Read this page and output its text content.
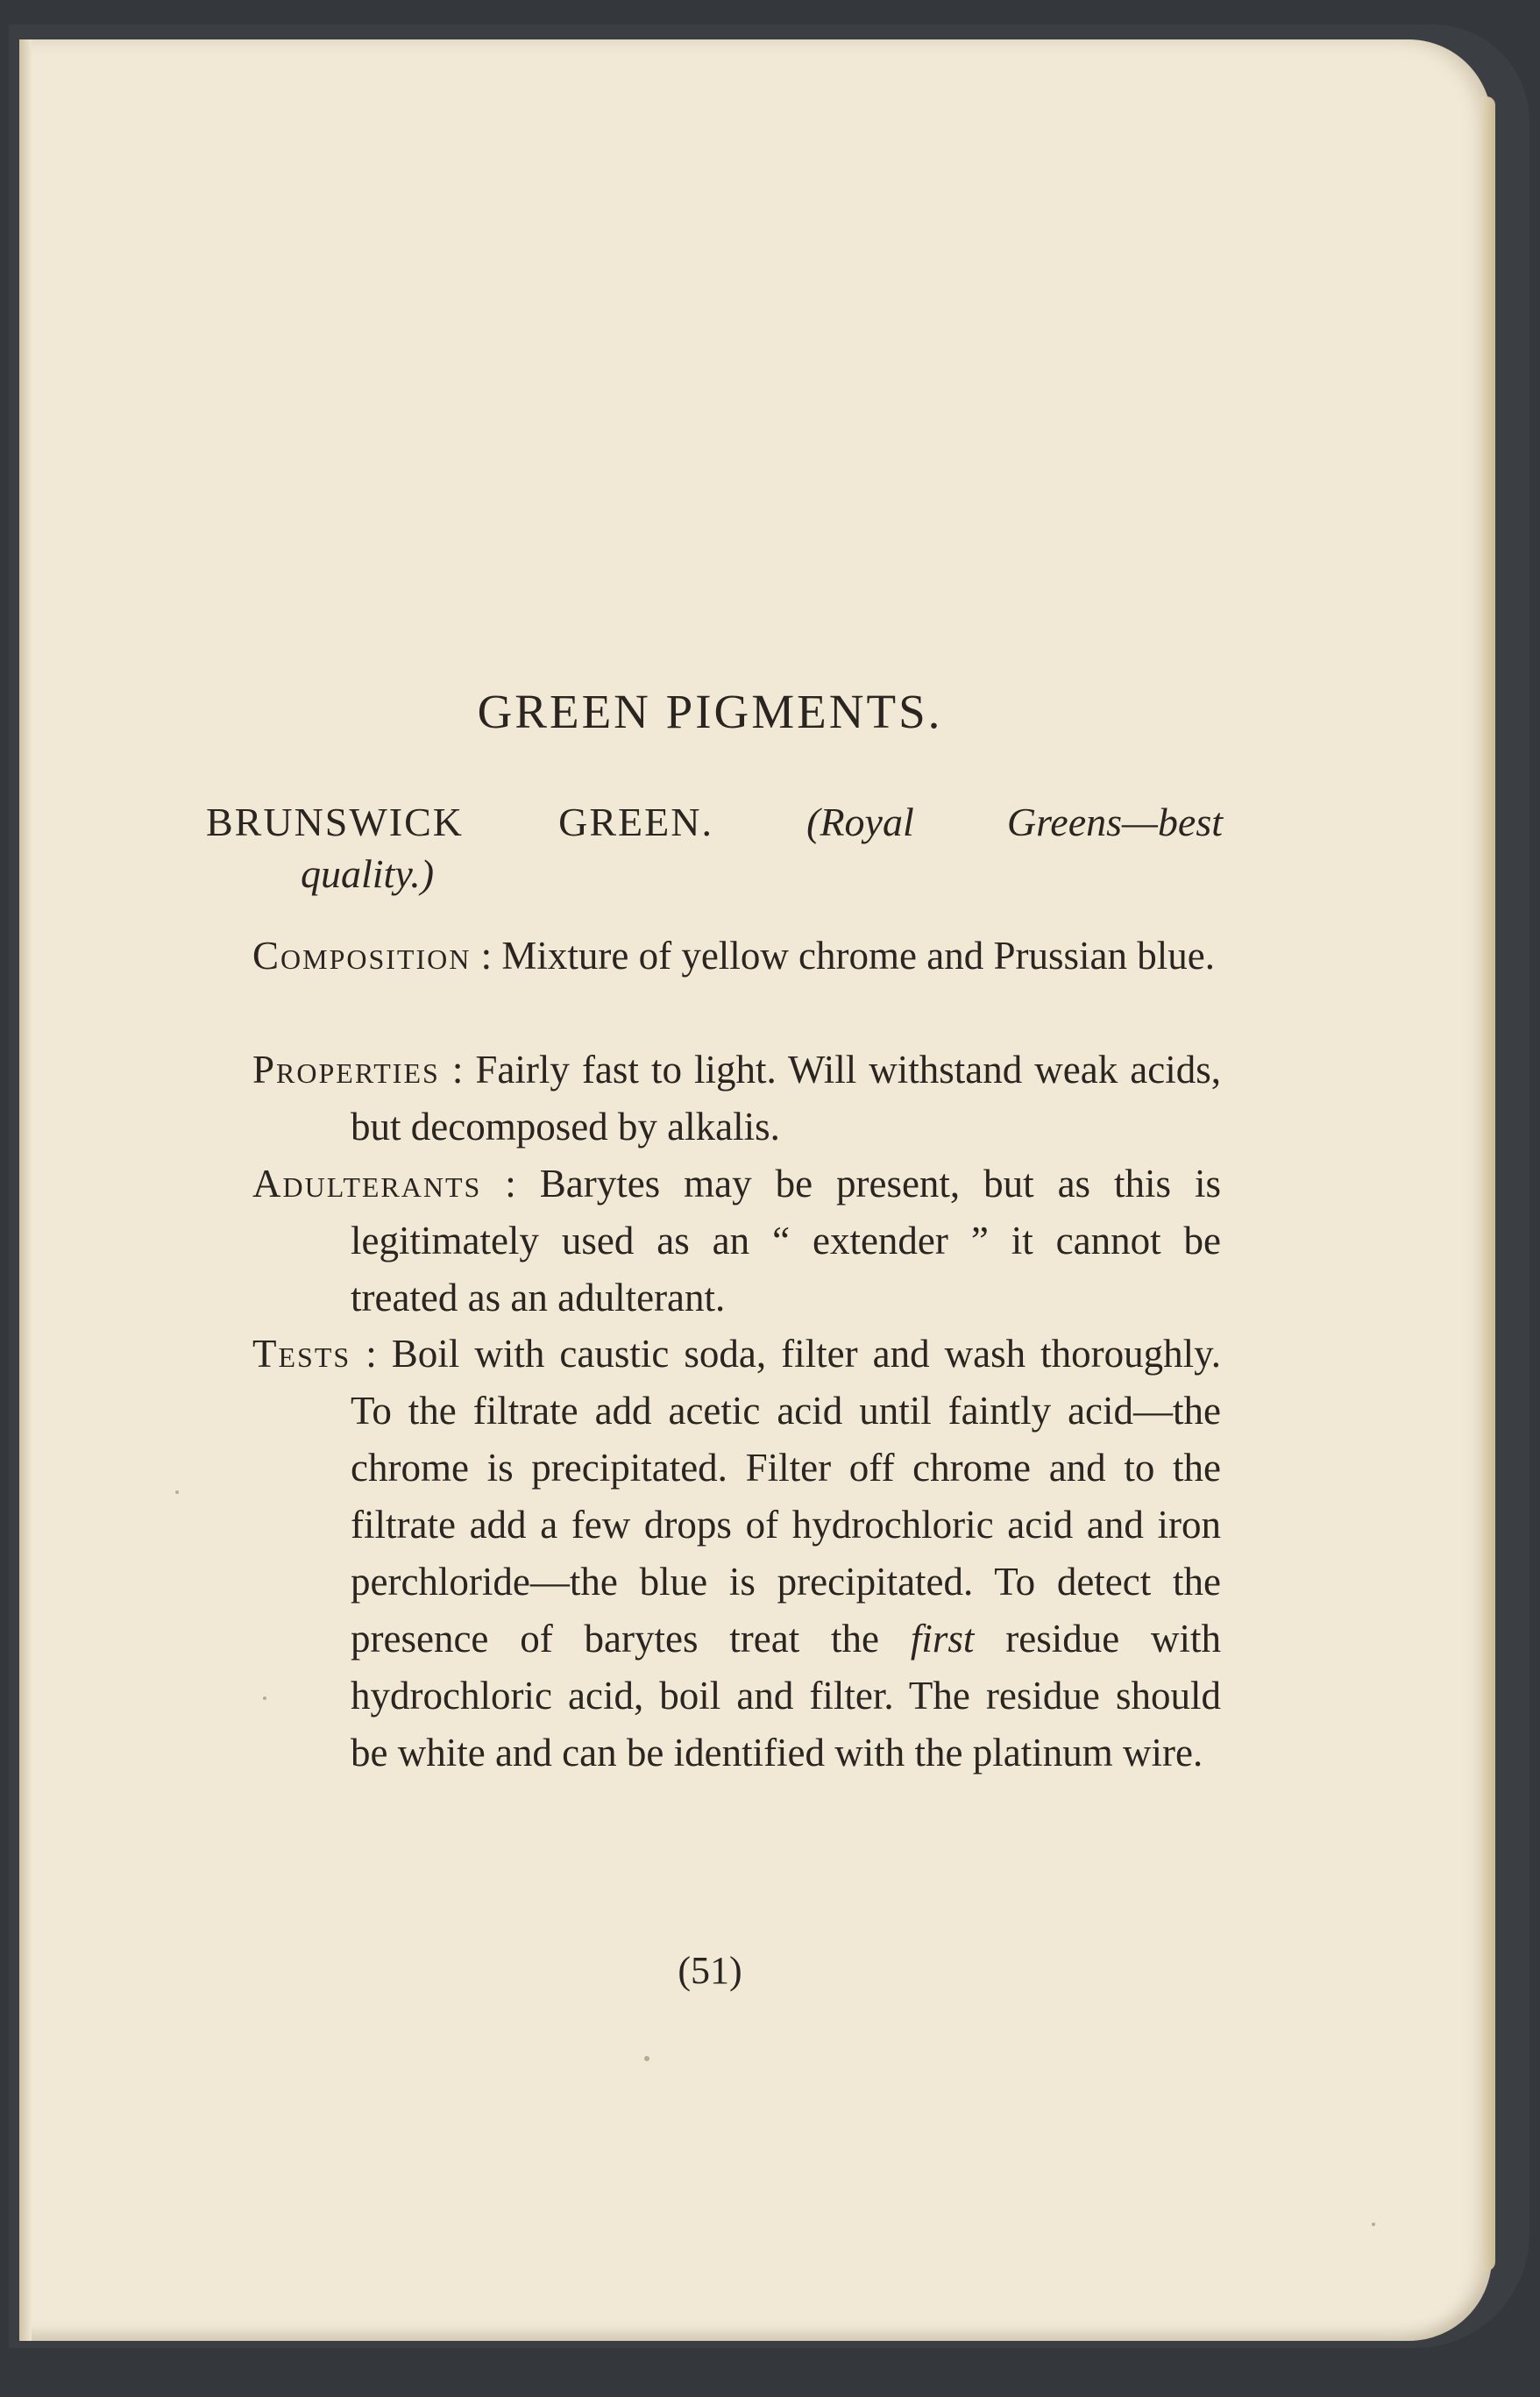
GREEN PIGMENTS.
BRUNSWICK GREEN. (Royal Greens—best
quality.)
Composition : Mixture of yellow chrome and Prussian blue.
Properties : Fairly fast to light. Will withstand weak acids, but decomposed by alkalis.
Adulterants : Barytes may be present, but as this is legitimately used as an “ extender ” it cannot be treated as an adulterant.
Tests : Boil with caustic soda, filter and wash thoroughly. To the filtrate add acetic acid until faintly acid—the chrome is precipitated. Filter off chrome and to the filtrate add a few drops of hydrochloric acid and iron perchloride—the blue is precipitated. To detect the presence of barytes treat the first residue with hydrochloric acid, boil and filter. The residue should be white and can be identified with the platinum wire.
(51)
